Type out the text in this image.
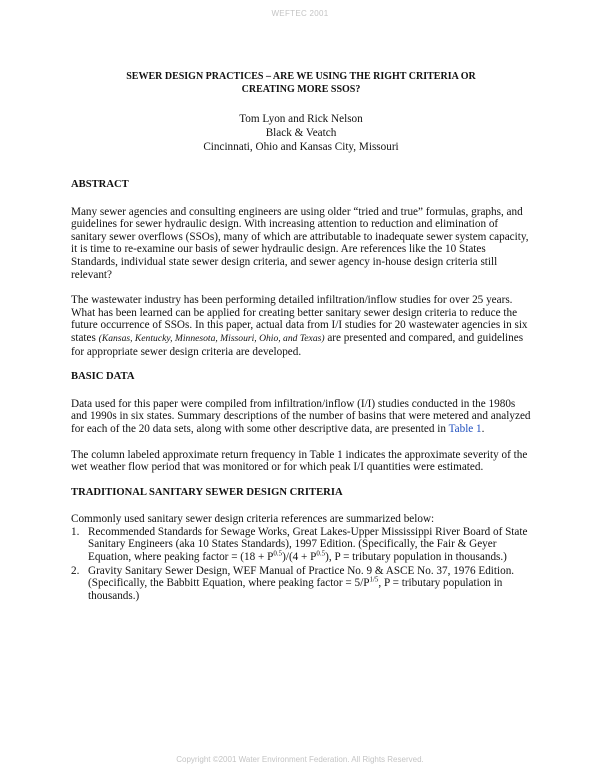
WEFTEC 2001
SEWER DESIGN PRACTICES – ARE WE USING THE RIGHT CRITERIA OR
CREATING MORE SSOS?
Tom Lyon and Rick Nelson
Black & Veatch
Cincinnati, Ohio and Kansas City, Missouri
ABSTRACT

Many sewer agencies and consulting engineers are using older “tried and true” formulas, graphs, and guidelines for sewer hydraulic design. With increasing attention to reduction and elimination of sanitary sewer overflows (SSOs), many of which are attributable to inadequate sewer system capacity, it is time to re-examine our basis of sewer hydraulic design. Are references like the 10 States Standards, individual state sewer design criteria, and sewer agency in-house design criteria still relevant?

The wastewater industry has been performing detailed infiltration/inflow studies for over 25 years. What has been learned can be applied for creating better sanitary sewer design criteria to reduce the future occurrence of SSOs. In this paper, actual data from I/I studies for 20 wastewater agencies in six states (Kansas, Kentucky, Minnesota, Missouri, Ohio, and Texas) are presented and compared, and guidelines for appropriate sewer design criteria are developed.

BASIC DATA

Data used for this paper were compiled from infiltration/inflow (I/I) studies conducted in the 1980s and 1990s in six states. Summary descriptions of the number of basins that were metered and analyzed for each of the 20 data sets, along with some other descriptive data, are presented in Table 1.

The column labeled approximate return frequency in Table 1 indicates the approximate severity of the wet weather flow period that was monitored or for which peak I/I quantities were estimated.

TRADITIONAL SANITARY SEWER DESIGN CRITERIA

Commonly used sanitary sewer design criteria references are summarized below:

1. Recommended Standards for Sewage Works, Great Lakes-Upper Mississippi River Board of State Sanitary Engineers (aka 10 States Standards), 1997 Edition. (Specifically, the Fair & Geyer Equation, where peaking factor = $(18 + P^{0.5})/(4 + P^{0.5})$, P = tributary population in thousands.)
2. Gravity Sanitary Sewer Design, WEF Manual of Practice No. 9 & ASCE No. 37, 1976 Edition. (Specifically, the Babbitt Equation, where peaking factor = $5/P^{1/5}$, P = tributary population in thousands.)
Copyright ©2001 Water Environment Federation. All Rights Reserved.
